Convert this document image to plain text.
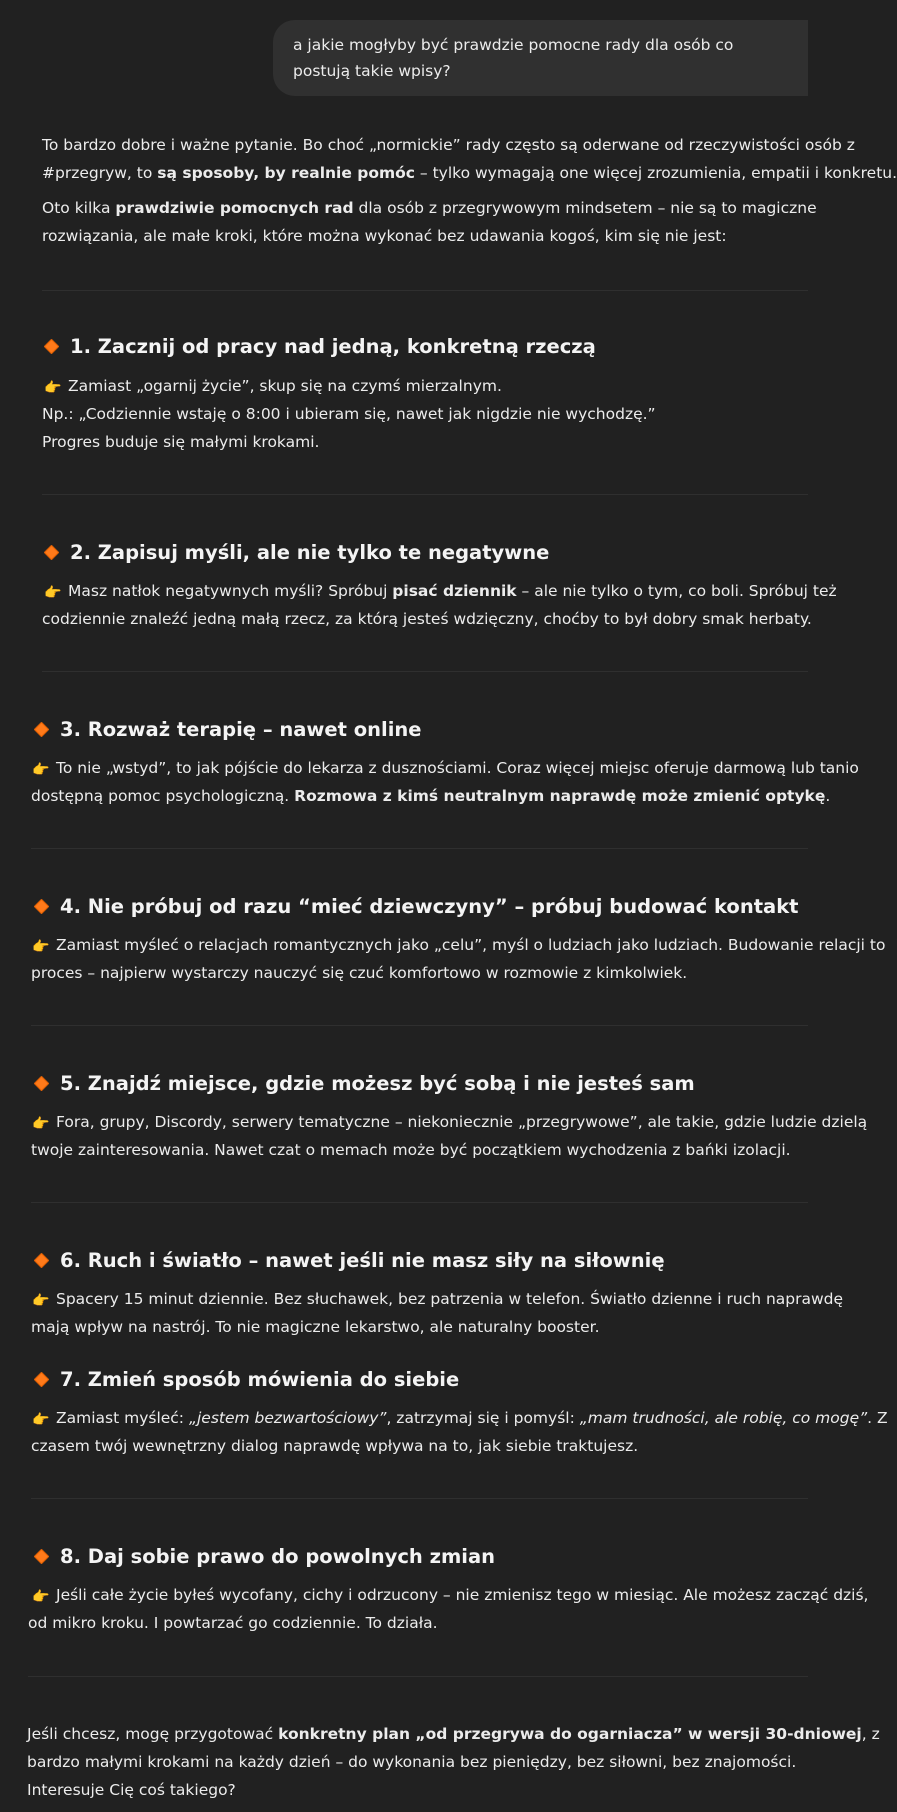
a jakie mogłyby być prawdzie pomocne rady dla osób co postują takie wpisy?
To bardzo dobre i ważne pytanie. Bo choć „normickie” rady często są oderwane od rzeczywistości osób z
#przegryw, to są sposoby, by realnie pomóc – tylko wymagają one więcej zrozumienia, empatii i konkretu.
Oto kilka prawdziwie pomocnych rad dla osób z przegrywowym mindsetem – nie są to magiczne
rozwiązania, ale małe kroki, które można wykonać bez udawania kogoś, kim się nie jest:
1. Zacznij od pracy nad jedną, konkretną rzeczą
👉 Zamiast „ogarnij życie”, skup się na czymś mierzalnym.
Np.: „Codziennie wstaję o 8:00 i ubieram się, nawet jak nigdzie nie wychodzę.”
Progres buduje się małymi krokami.
2. Zapisuj myśli, ale nie tylko te negatywne
👉 Masz natłok negatywnych myśli? Spróbuj pisać dziennik – ale nie tylko o tym, co boli. Spróbuj też
codziennie znaleźć jedną małą rzecz, za którą jesteś wdzięczny, choćby to był dobry smak herbaty.
3. Rozważ terapię – nawet online
👉 To nie „wstyd”, to jak pójście do lekarza z dusznościami. Coraz więcej miejsc oferuje darmową lub tanio
dostępną pomoc psychologiczną. Rozmowa z kimś neutralnym naprawdę może zmienić optykę.
4. Nie próbuj od razu “mieć dziewczyny” – próbuj budować kontakt
👉 Zamiast myśleć o relacjach romantycznych jako „celu”, myśl o ludziach jako ludziach. Budowanie relacji to
proces – najpierw wystarczy nauczyć się czuć komfortowo w rozmowie z kimkolwiek.
5. Znajdź miejsce, gdzie możesz być sobą i nie jesteś sam
👉 Fora, grupy, Discordy, serwery tematyczne – niekoniecznie „przegrywowe”, ale takie, gdzie ludzie dzielą
twoje zainteresowania. Nawet czat o memach może być początkiem wychodzenia z bańki izolacji.
6. Ruch i światło – nawet jeśli nie masz siły na siłownię
👉 Spacery 15 minut dziennie. Bez słuchawek, bez patrzenia w telefon. Światło dzienne i ruch naprawdę
mają wpływ na nastrój. To nie magiczne lekarstwo, ale naturalny booster.
7. Zmień sposób mówienia do siebie
👉 Zamiast myśleć: „jestem bezwartościowy”, zatrzymaj się i pomyśl: „mam trudności, ale robię, co mogę”. Z
czasem twój wewnętrzny dialog naprawdę wpływa na to, jak siebie traktujesz.
8. Daj sobie prawo do powolnych zmian
👉 Jeśli całe życie byłeś wycofany, cichy i odrzucony – nie zmienisz tego w miesiąc. Ale możesz zacząć dziś,
od mikro kroku. I powtarzać go codziennie. To działa.
Jeśli chcesz, mogę przygotować konkretny plan „od przegrywa do ogarniacza” w wersji 30-dniowej, z
bardzo małymi krokami na każdy dzień – do wykonania bez pieniędzy, bez siłowni, bez znajomości.
Interesuje Cię coś takiego?
